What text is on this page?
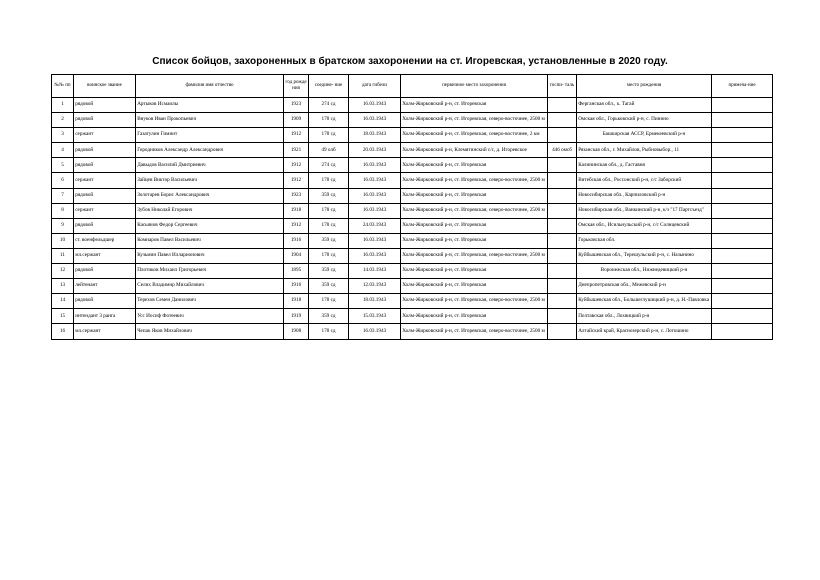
Список бойцов, захороненных в братском захоронении на ст. Игоревская, установленные в 2020 году.
№№ пп	воинское звание	фамилия имя отчество	год рожде ния	соедине- ние	дата гибели	первичное место захоронения	госпи- таль	место рождения	примеча-ние
1	рядовой	Артыков Исмаилы	1923	274 сд	16.03.1943	Холм-Жирковский р-н, ст. Игоревская		Ферганская обл., к. Тагай	
2	рядовой	Внуков Иван Прокопьевич	1909	178 сд	16.03.1943	Холм-Жирковский р-н, ст. Игоревская, северо-восточнее, 2500 м		Омская обл., Горьковский р-н, с. Пинино	
3	сержант	Газатулин Гимнит	1912	178 сд	18.03.1943	Холм-Жирковский р-н, ст. Игоревская, северо-восточнее, 2 км		Башкирская АССР, Ермекеевский р-н	
4	рядовой	Городников Александр Александрович	1921	49 олб	20.03.1943	Холм-Жирковский р-н, Клемятинский с/с, д. Игоревское	446 омсб	Рязанская обл., г. Михайлов, Рыбновыбор., 11	
5	рядовой	Давыдов Василий Дмитриевич	1912	274 сд	16.03.1943	Холм-Жирковский р-н, ст. Игоревская		Калининская обл., д. Гаставня	
6	сержант	Зайцев Виктор Васильевич	1912	178 сд	16.03.1943	Холм-Жирковский р-н, ст. Игоревская, северо-восточнее, 2500 м		Витебская обл., Россонский р-н, с/с Заборский	
7	рядовой	Золотарев Борис Александрович	1923	359 сд	16.03.1943	Холм-Жирковский р-н, ст. Игоревская		Новосибирская обл., Карпиловский р-н	
8	сержант	Зубов Николай Егорович	1918	178 сд	16.03.1943	Холм-Жирковский р-н, ст. Игоревская, северо-восточнее, 2500 м		Новосибирская обл., Ванкинский р-н, к/з "17 Партсъезд"	
9	рядовой	Касьянов Федор Сергеевич	1912	178 сд	24.03.1943	Холм-Жирковский р-н, ст. Игоревская		Омская обл., Исильнульский р-н, с/с Солнцевский	
10	ст. военфельдшер	Комиаров Павел Васильевич	1916	359 сд	16.03.1943	Холм-Жирковский р-н, ст. Игоревская		Горьковская обл.	
11	мл.сержант	Кузьмин Павел Илларионович	1904	178 сд	16.03.1943	Холм-Жирковский р-н, ст. Игоревская, северо-восточнее, 2500 м		Куйбышевская обл., Терешульский р-н, с. Назынино	
12	рядовой	Плотиков Михаил Григорьевич	1895	359 сд	14.03.1943	Холм-Жирковский р-н, ст. Игоревская		Воронежская обл., Нижнедевицкий р-н	
13	лейтенант	Селих Владимир Михайлович	1916	359 сд	12.03.1943	Холм-Жирковский р-н, ст. Игоревская		Днепропетровская обл., Межевский р-н	
14	рядовой	Терехов Семен Данилович	1918	178 сд	18.03.1943	Холм-Жирковский р-н, ст. Игоревская, северо-восточнее, 2500 м		Куйбышевская обл., Большеглушицкий р-н, д. Н.-Павловка	
15	интендант 3 ранга	Усс Иосиф Фотеевич	1919	359 сд	15.03.1943	Холм-Жирковский р-н, ст. Игоревская		Полтавская обл., Лохвицкий р-н	
16	мл.сержант	Чепак Яков Михайлович	1908	178 сд	16.03.1943	Холм-Жирковский р-н, ст. Игоревская, северо-восточнее, 2500 м		Алтайский край, Краснозерский р-н, с. Лотошино	
